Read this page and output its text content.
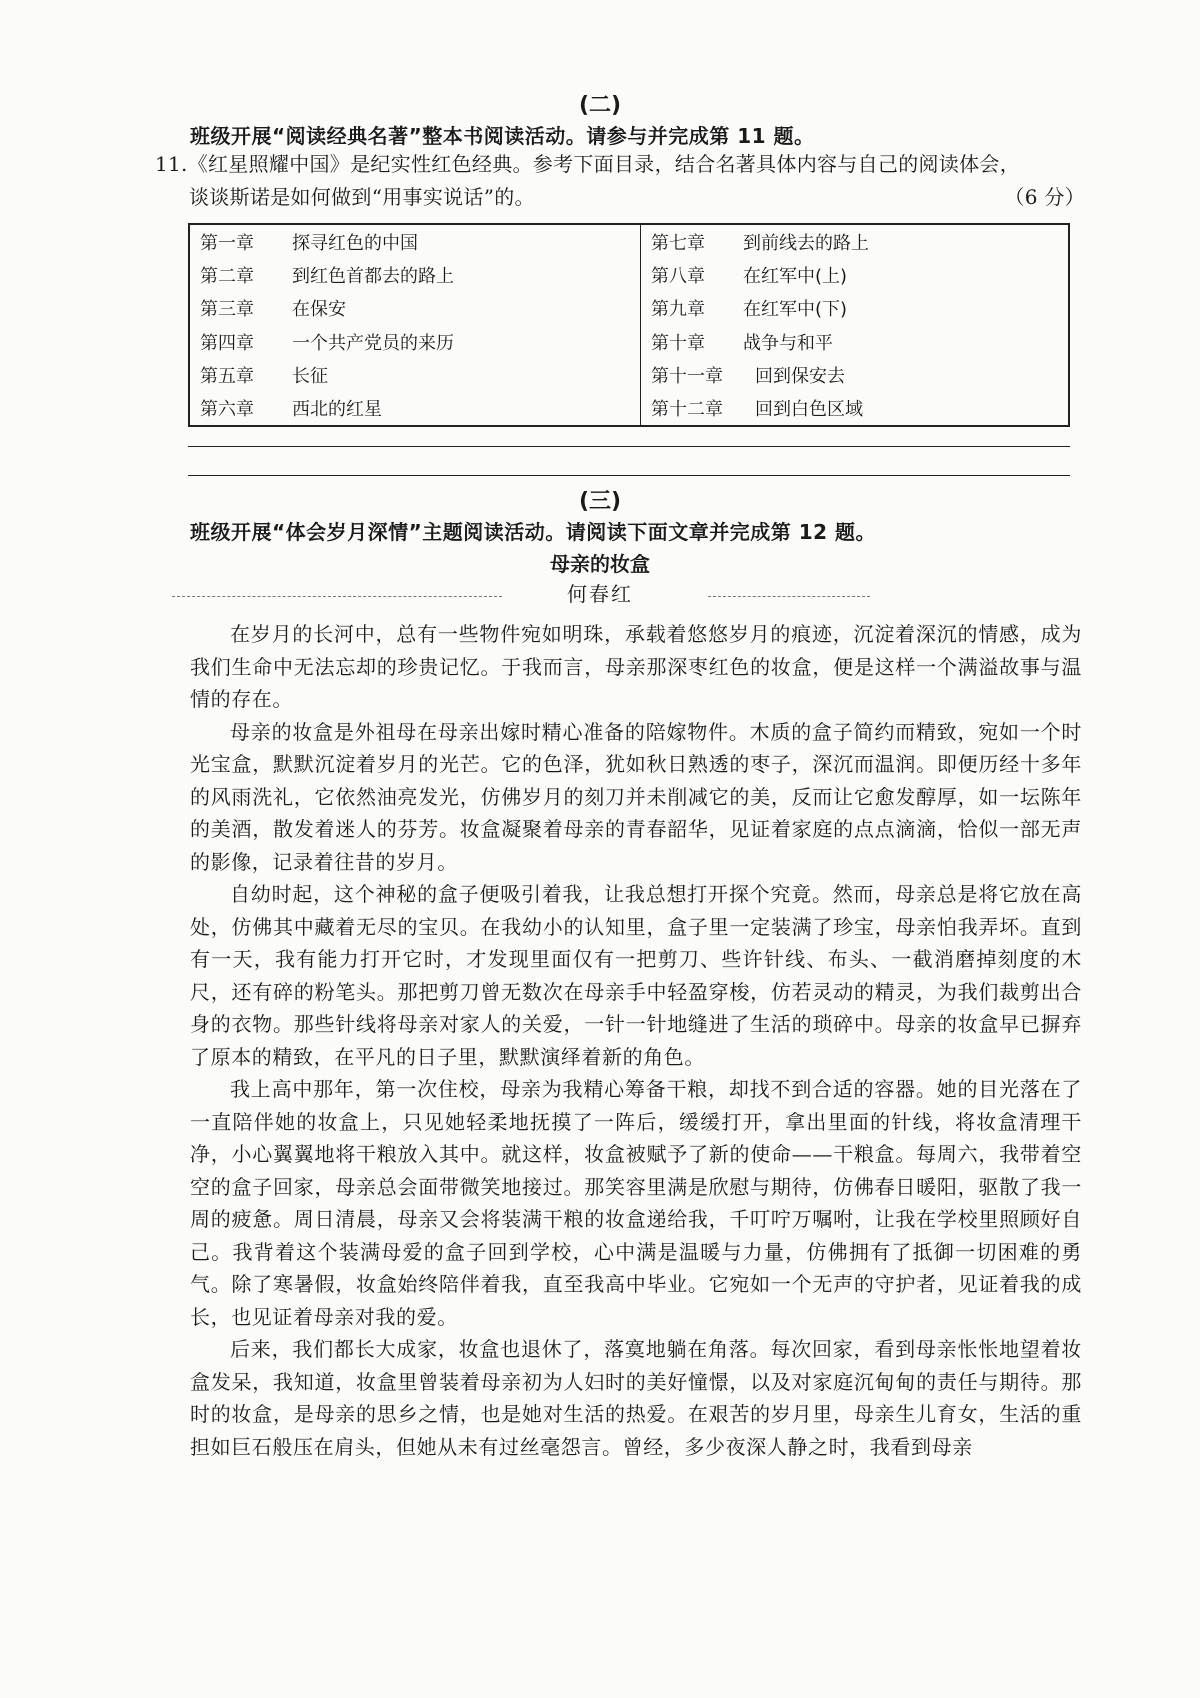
(二)
班级开展“阅读经典名著”整本书阅读活动。请参与并完成第 11 题。
11.《红星照耀中国》是纪实性红色经典。参考下面目录，结合名著具体内容与自己的阅读体会，
谈谈斯诺是如何做到“用事实说话”的。	（6 分）
第一章 探寻红色的中国	第七章 到前线去的路上
第二章 到红色首都去的路上	第八章 在红军中(上)
第三章 在保安	第九章 在红军中(下)
第四章 一个共产党员的来历	第十章 战争与和平
第五章 长征	第十一章 回到保安去
第六章 西北的红星	第十二章 回到白色区域
(三)
班级开展“体会岁月深情”主题阅读活动。请阅读下面文章并完成第 12 题。
母亲的妆盒
何春红

在岁月的长河中，总有一些物件宛如明珠，承载着悠悠岁月的痕迹，沉淀着深沉的情感，成为我们生命中无法忘却的珍贵记忆。于我而言，母亲那深枣红色的妆盒，便是这样一个满溢故事与温情的存在。

母亲的妆盒是外祖母在母亲出嫁时精心准备的陪嫁物件。木质的盒子简约而精致，宛如一个时光宝盒，默默沉淀着岁月的光芒。它的色泽，犹如秋日熟透的枣子，深沉而温润。即便历经十多年的风雨洗礼，它依然油亮发光，仿佛岁月的刻刀并未削减它的美，反而让它愈发醇厚，如一坛陈年的美酒，散发着迷人的芬芳。妆盒凝聚着母亲的青春韶华，见证着家庭的点点滴滴，恰似一部无声的影像，记录着往昔的岁月。

自幼时起，这个神秘的盒子便吸引着我，让我总想打开探个究竟。然而，母亲总是将它放在高处，仿佛其中藏着无尽的宝贝。在我幼小的认知里，盒子里一定装满了珍宝，母亲怕我弄坏。直到有一天，我有能力打开它时，才发现里面仅有一把剪刀、些许针线、布头、一截消磨掉刻度的木尺，还有碎的粉笔头。那把剪刀曾无数次在母亲手中轻盈穿梭，仿若灵动的精灵，为我们裁剪出合身的衣物。那些针线将母亲对家人的关爱，一针一针地缝进了生活的琐碎中。母亲的妆盒早已摒弃了原本的精致，在平凡的日子里，默默演绎着新的角色。

我上高中那年，第一次住校，母亲为我精心筹备干粮，却找不到合适的容器。她的目光落在了一直陪伴她的妆盒上，只见她轻柔地抚摸了一阵后，缓缓打开，拿出里面的针线，将妆盒清理干净，小心翼翼地将干粮放入其中。就这样，妆盒被赋予了新的使命——干粮盒。每周六，我带着空空的盒子回家，母亲总会面带微笑地接过。那笑容里满是欣慰与期待，仿佛春日暖阳，驱散了我一周的疲惫。周日清晨，母亲又会将装满干粮的妆盒递给我，千叮咛万嘱咐，让我在学校里照顾好自己。我背着这个装满母爱的盒子回到学校，心中满是温暖与力量，仿佛拥有了抵御一切困难的勇气。除了寒暑假，妆盒始终陪伴着我，直至我高中毕业。它宛如一个无声的守护者，见证着我的成长，也见证着母亲对我的爱。

后来，我们都长大成家，妆盒也退休了，落寞地躺在角落。每次回家，看到母亲怅怅地望着妆盒发呆，我知道，妆盒里曾装着母亲初为人妇时的美好憧憬，以及对家庭沉甸甸的责任与期待。那时的妆盒，是母亲的思乡之情，也是她对生活的热爱。在艰苦的岁月里，母亲生儿育女，生活的重担如巨石般压在肩头，但她从未有过丝毫怨言。曾经，多少夜深人静之时，我看到母亲
